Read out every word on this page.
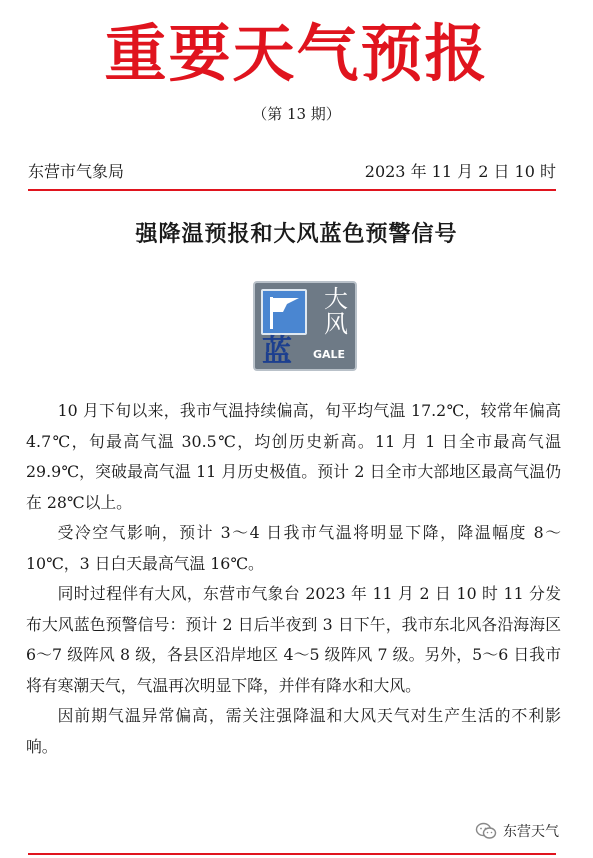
重要天气预报
（第 13 期）
东营市气象局	2023 年 11 月 2 日 10 时
强降温预报和大风蓝色预警信号
大
风
蓝	GALE

10 月下旬以来，我市气温持续偏高，旬平均气温 17.2℃，较常年偏高 4.7℃，旬最高气温 30.5℃，均创历史新高。11 月 1 日全市最高气温 29.9℃，突破最高气温 11 月历史极值。预计 2 日全市大部地区最高气温仍在 28℃以上。

受冷空气影响，预计 3～4 日我市气温将明显下降，降温幅度 8～10℃，3 日白天最高气温 16℃。

同时过程伴有大风，东营市气象台 2023 年 11 月 2 日 10 时 11 分发布大风蓝色预警信号：预计 2 日后半夜到 3 日下午，我市东北风各沿海海区 6～7 级阵风 8 级，各县区沿岸地区 4～5 级阵风 7 级。另外，5～6 日我市将有寒潮天气，气温再次明显下降，并伴有降水和大风。

因前期气温异常偏高，需关注强降温和大风天气对生产生活的不利影响。

东营天气
